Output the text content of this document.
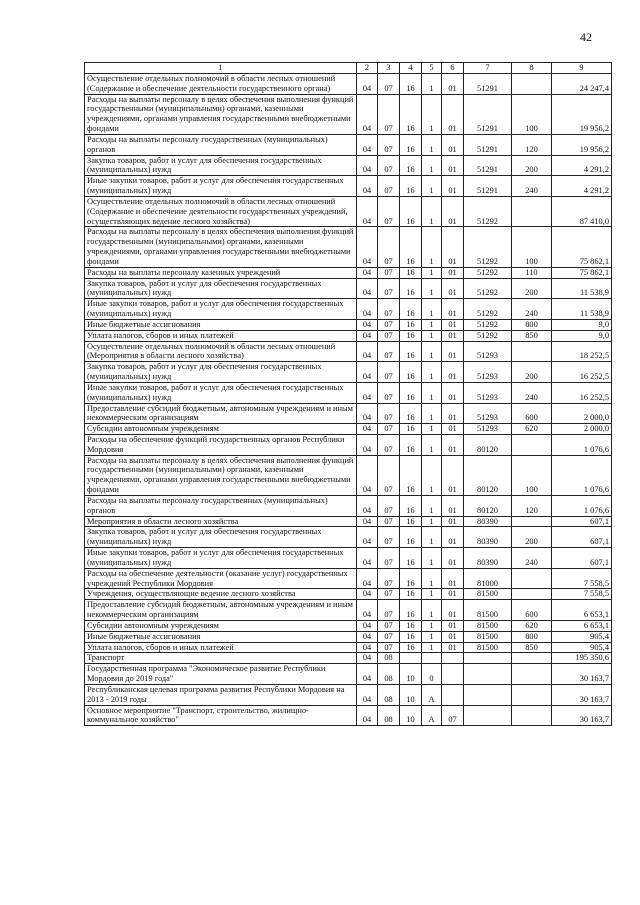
42
1	2	3	4	5	6	7	8	9
Осуществление отдельных полномочий в области лесных отношений (Содержание и обеспечение деятельности государственного органа)	04	07	16	1	01	51291		24 247,4
Расходы на выплаты персоналу в целях обеспечения выполнения функций государственными (муниципальными) органами, казенными учреждениями, органами управления государственными внебюджетными фондами	04	07	16	1	01	51291	100	19 956,2
Расходы на выплаты персоналу государственных (муниципальных) органов	04	07	16	1	01	51291	120	19 956,2
Закупка товаров, работ и услуг для обеспечения государственных (муниципальных) нужд	04	07	16	1	01	51291	200	4 291,2
Иные закупки товаров, работ и услуг для обеспечения государственных (муниципальных) нужд	04	07	16	1	01	51291	240	4 291,2
Осуществление отдельных полномочий в области лесных отношений (Содержание и обеспечение деятельности государственных учреждений, осуществляющих ведение лесного хозяйства)	04	07	16	1	01	51292		87 410,0
Расходы на выплаты персоналу в целях обеспечения выполнения функций государственными (муниципальными) органами, казенными учреждениями, органами управления государственными внебюджетными фондами	04	07	16	1	01	51292	100	75 862,1
Расходы на выплаты персоналу казенных учреждений	04	07	16	1	01	51292	110	75 862,1
Закупка товаров, работ и услуг для обеспечения государственных (муниципальных) нужд	04	07	16	1	01	51292	200	11 538,9
Иные закупки товаров, работ и услуг для обеспечения государственных (муниципальных) нужд	04	07	16	1	01	51292	240	11 538,9
Иные бюджетные ассигнования	04	07	16	1	01	51292	800	9,0
Уплата налогов, сборов и иных платежей	04	07	16	1	01	51292	850	9,0
Осуществление отдельных полномочий в области лесных отношений (Мероприятия в области лесного хозяйства)	04	07	16	1	01	51293		18 252,5
Закупка товаров, работ и услуг для обеспечения государственных (муниципальных) нужд	04	07	16	1	01	51293	200	16 252,5
Иные закупки товаров, работ и услуг для обеспечения государственных (муниципальных) нужд	04	07	16	1	01	51293	240	16 252,5
Предоставление субсидий бюджетным, автономным учреждениям и иным некоммерческим организациям	04	07	16	1	01	51293	600	2 000,0
Субсидии автономным учреждениям	04	07	16	1	01	51293	620	2 000,0
Расходы на обеспечение функций государственных органов Республики Мордовия	04	07	16	1	01	80120		1 076,6
Расходы на выплаты персоналу в целях обеспечения выполнения функций государственными (муниципальными) органами, казенными учреждениями, органами управления государственными внебюджетными фондами	04	07	16	1	01	80120	100	1 076,6
Расходы на выплаты персоналу государственных (муниципальных) органов	04	07	16	1	01	80120	120	1 076,6
Мероприятия в области лесного хозяйства	04	07	16	1	01	80390		607,1
Закупка товаров, работ и услуг для обеспечения государственных (муниципальных) нужд	04	07	16	1	01	80390	200	607,1
Иные закупки товаров, работ и услуг для обеспечения государственных (муниципальных) нужд	04	07	16	1	01	80390	240	607,1
Расходы на обеспечение деятельности (оказание услуг) государственных учреждений Республики Мордовия	04	07	16	1	01	81000		7 558,5
Учреждения, осуществляющие ведение лесного хозяйства	04	07	16	1	01	81500		7 558,5
Предоставление субсидий бюджетным, автономным учреждениям и иным некоммерческим организациям	04	07	16	1	01	81500	600	6 653,1
Субсидии автономным учреждениям	04	07	16	1	01	81500	620	6 653,1
Иные бюджетные ассигнования	04	07	16	1	01	81500	800	905,4
Уплата налогов, сборов и иных платежей	04	07	16	1	01	81500	850	905,4
Транспорт	04	08						195 350,6
Государственная программа "Экономическое развитие Республики Мордовия до 2019 года"	04	08	10	0				30 163,7
Республиканская целевая программа развития Республики Мордовия на 2013 - 2019 годы	04	08	10	А				30 163,7
Основное мероприятие "Транспорт, строительство, жилищно-коммунальное хозяйство"	04	08	10	А	07			30 163,7
